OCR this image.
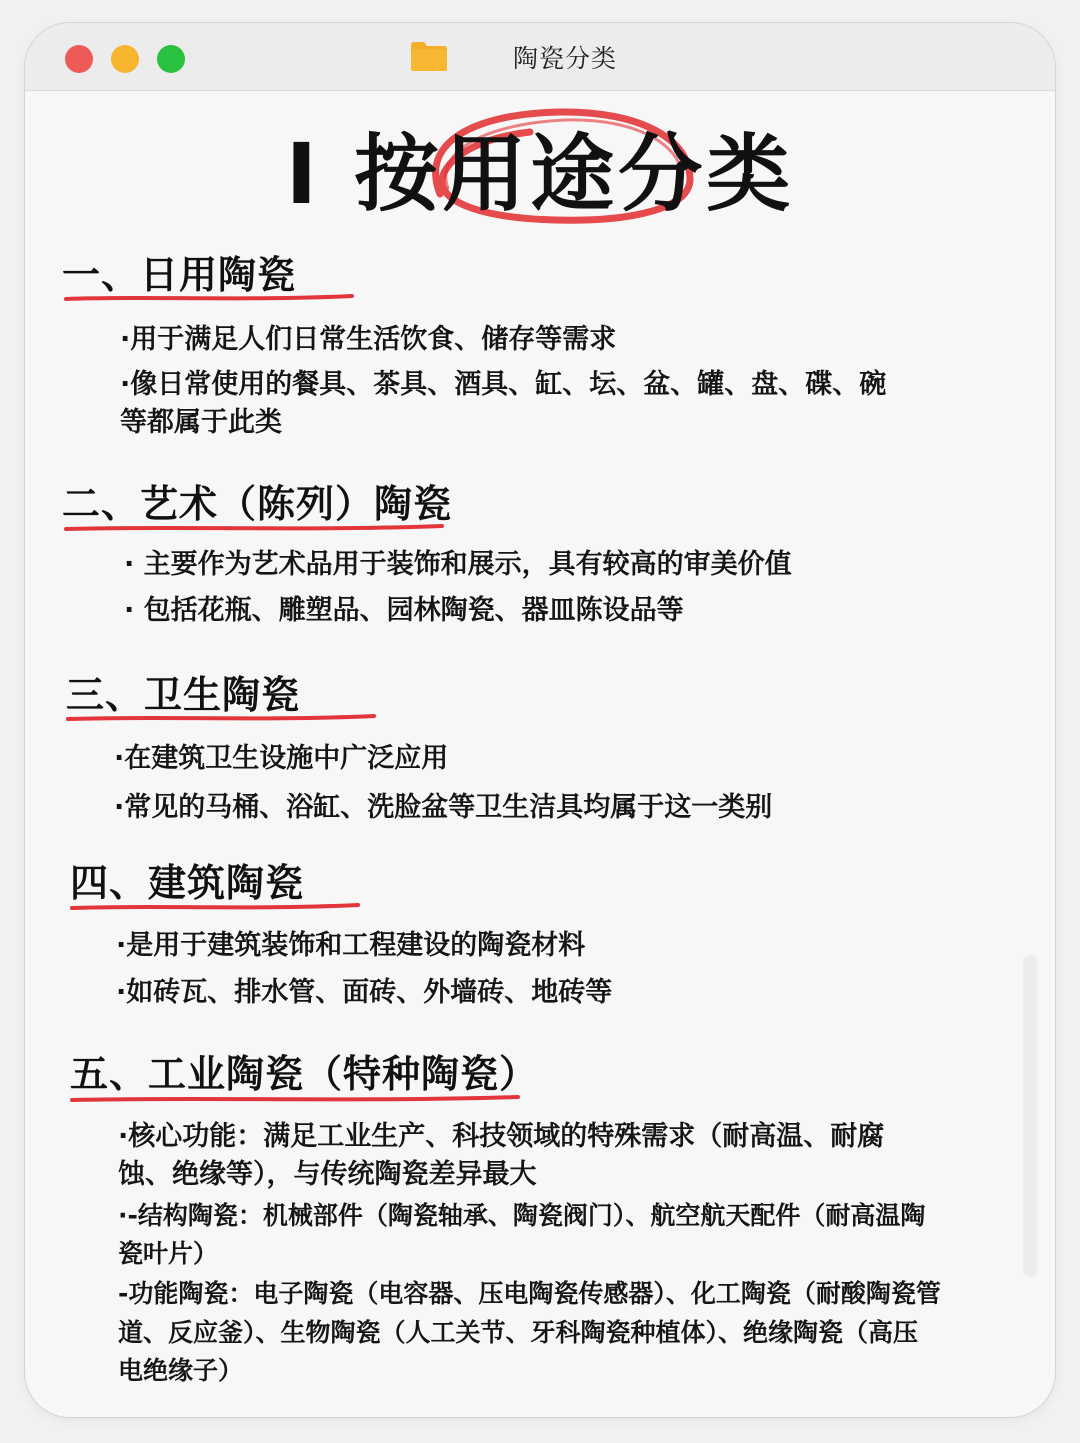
陶瓷分类
I 按用途分类
一、日用陶瓷
·用于满足人们日常生活饮食、储存等需求
·像日常使用的餐具、茶具、酒具、缸、坛、盆、罐、盘、碟、碗
等都属于此类
二、艺术（陈列）陶瓷
· 主要作为艺术品用于装饰和展示，具有较高的审美价值
· 包括花瓶、雕塑品、园林陶瓷、器皿陈设品等
三、卫生陶瓷
·在建筑卫生设施中广泛应用
·常见的马桶、浴缸、洗脸盆等卫生洁具均属于这一类别
四、建筑陶瓷
·是用于建筑装饰和工程建设的陶瓷材料
·如砖瓦、排水管、面砖、外墙砖、地砖等
五、工业陶瓷（特种陶瓷）
·核心功能：满足工业生产、科技领域的特殊需求（耐高温、耐腐
蚀、绝缘等），与传统陶瓷差异最大
·-结构陶瓷：机械部件（陶瓷轴承、陶瓷阀门）、航空航天配件（耐高温陶
瓷叶片）
-功能陶瓷：电子陶瓷（电容器、压电陶瓷传感器）、化工陶瓷（耐酸陶瓷管
道、反应釜）、生物陶瓷（人工关节、牙科陶瓷种植体）、绝缘陶瓷（高压
电绝缘子）
